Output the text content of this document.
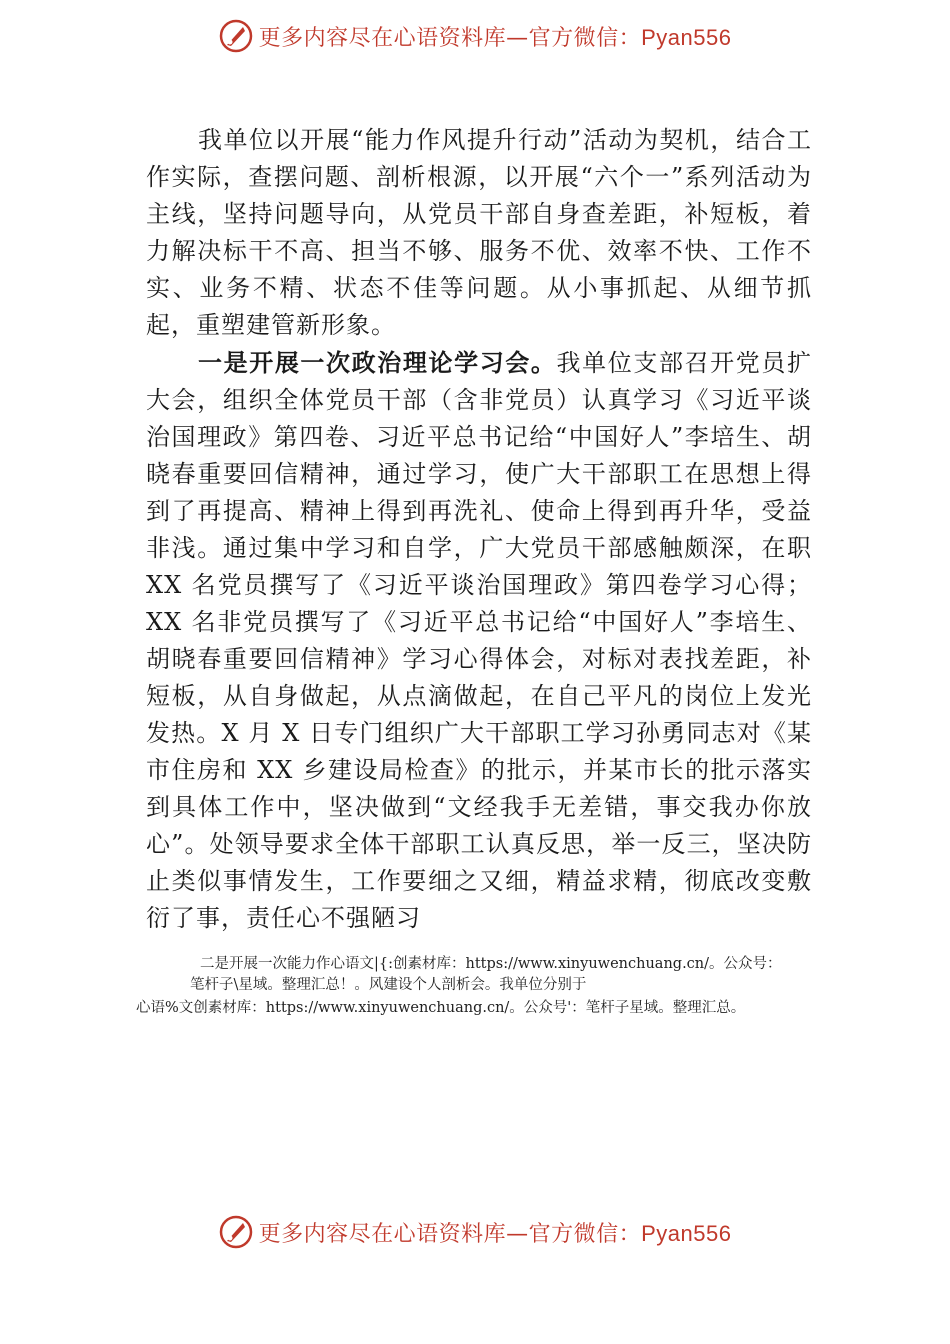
更多内容尽在心语资料库—官方微信：Pyan556

我单位以开展“能力作风提升行动”活动为契机，结合工作实际，查摆问题、剖析根源，以开展“六个一”系列活动为主线，坚持问题导向，从党员干部自身查差距，补短板，着力解决标干不高、担当不够、服务不优、效率不快、工作不实、业务不精、状态不佳等问题。从小事抓起、从细节抓起，重塑建管新形象。

一是开展一次政治理论学习会。我单位支部召开党员扩大会，组织全体党员干部（含非党员）认真学习《习近平谈治国理政》第四卷、习近平总书记给“中国好人”李培生、胡晓春重要回信精神，通过学习，使广大干部职工在思想上得到了再提高、精神上得到再洗礼、使命上得到再升华，受益非浅。通过集中学习和自学，广大党员干部感触颇深，在职 XX 名党员撰写了《习近平谈治国理政》第四卷学习心得；XX 名非党员撰写了《习近平总书记给“中国好人”李培生、胡晓春重要回信精神》学习心得体会，对标对表找差距，补短板，从自身做起，从点滴做起，在自己平凡的岗位上发光发热。X 月 X 日专门组织广大干部职工学习孙勇同志对《某市住房和 XX 乡建设局检查》的批示，并某市长的批示落实到具体工作中，坚决做到“文经我手无差错，事交我办你放心”。处领导要求全体干部职工认真反思，举一反三，坚决防止类似事情发生，工作要细之又细，精益求精，彻底改变敷衍了事，责任心不强陋习

二是开展一次能力作心语文|{:创素材库：https://www.xinyuwenchuang.cn/。公众号：
笔杆子\星域。整理汇总！。风建设个人剖析会。我单位分别于
心语%文创素材库：https://www.xinyuwenchuang.cn/。公众号'：笔杆子星域。整理汇总。
更多内容尽在心语资料库—官方微信：Pyan556
